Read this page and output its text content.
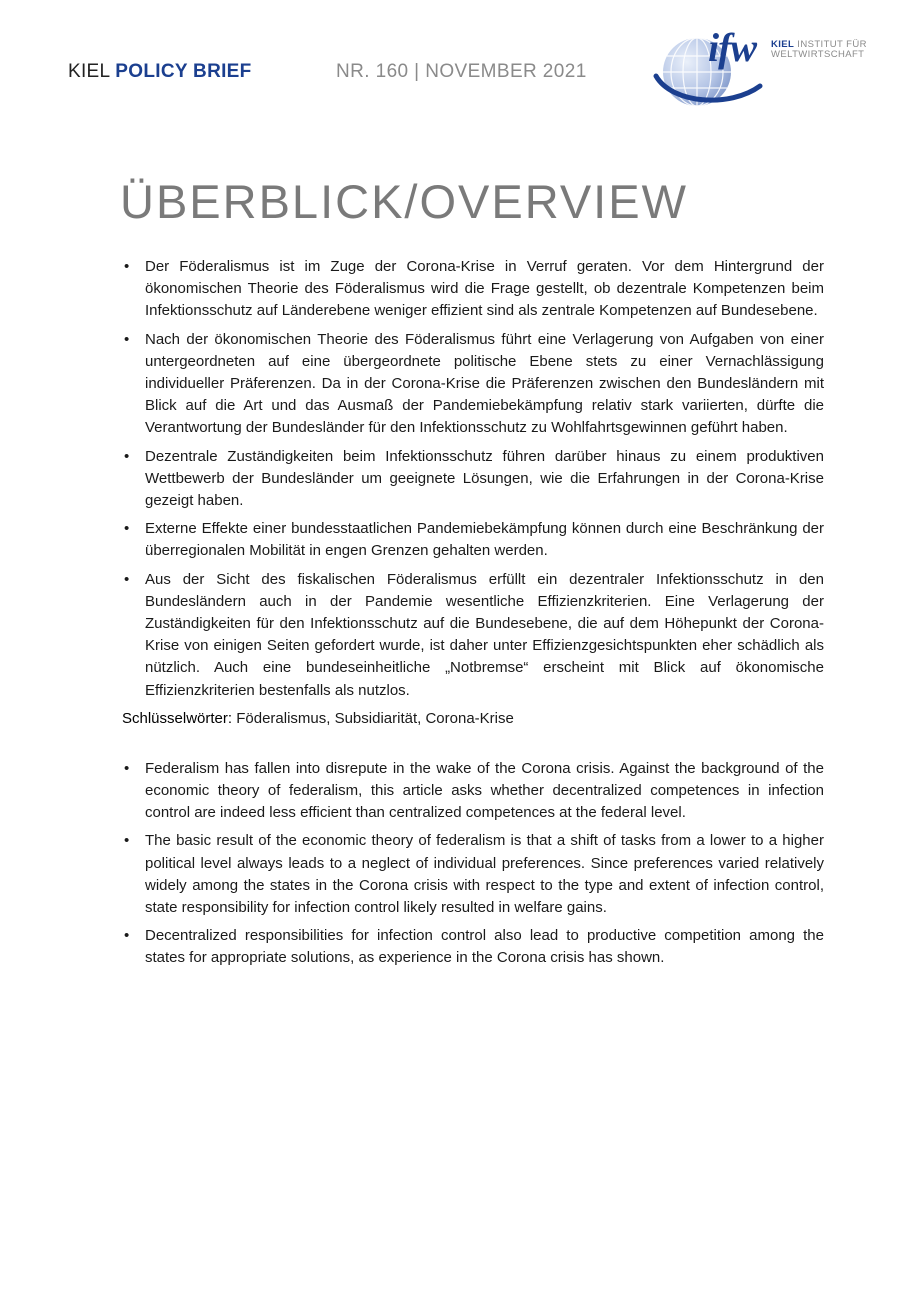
KIEL POLICY BRIEF	NR. 160 | NOVEMBER 2021
ifw KIEL INSTITUT FÜR
WELTWIRTSCHAFT
ÜBERBLICK/OVERVIEW
• Der Föderalismus ist im Zuge der Corona-Krise in Verruf geraten. Vor dem Hintergrund der ökonomischen Theorie des Föderalismus wird die Frage gestellt, ob dezentrale Kompetenzen beim Infektionsschutz auf Länderebene weniger effizient sind als zentrale Kompetenzen auf Bundesebene.
• Nach der ökonomischen Theorie des Föderalismus führt eine Verlagerung von Aufgaben von einer untergeordneten auf eine übergeordnete politische Ebene stets zu einer Vernachlässigung individueller Präferenzen. Da in der Corona-Krise die Präferenzen zwischen den Bundesländern mit Blick auf die Art und das Ausmaß der Pandemiebekämpfung relativ stark variierten, dürfte die Verantwortung der Bundesländer für den Infektionsschutz zu Wohlfahrtsgewinnen geführt haben.
• Dezentrale Zuständigkeiten beim Infektionsschutz führen darüber hinaus zu einem produktiven Wettbewerb der Bundesländer um geeignete Lösungen, wie die Erfahrungen in der Corona-Krise gezeigt haben.
• Externe Effekte einer bundesstaatlichen Pandemiebekämpfung können durch eine Beschränkung der überregionalen Mobilität in engen Grenzen gehalten werden.
• Aus der Sicht des fiskalischen Föderalismus erfüllt ein dezentraler Infektionsschutz in den Bundesländern auch in der Pandemie wesentliche Effizienzkriterien. Eine Verlagerung der Zuständigkeiten für den Infektionsschutz auf die Bundesebene, die auf dem Höhepunkt der Corona-Krise von einigen Seiten gefordert wurde, ist daher unter Effizienzgesichtspunkten eher schädlich als nützlich. Auch eine bundeseinheitliche „Notbremse“ erscheint mit Blick auf ökonomische Effizienzkriterien bestenfalls als nutzlos.

Schlüsselwörter: Föderalismus, Subsidiarität, Corona-Krise

• Federalism has fallen into disrepute in the wake of the Corona crisis. Against the background of the economic theory of federalism, this article asks whether decentralized competences in infection control are indeed less efficient than centralized competences at the federal level.
• The basic result of the economic theory of federalism is that a shift of tasks from a lower to a higher political level always leads to a neglect of individual preferences. Since preferences varied relatively widely among the states in the Corona crisis with respect to the type and extent of infection control, state responsibility for infection control likely resulted in welfare gains.
• Decentralized responsibilities for infection control also lead to productive competition among the states for appropriate solutions, as experience in the Corona crisis has shown.
